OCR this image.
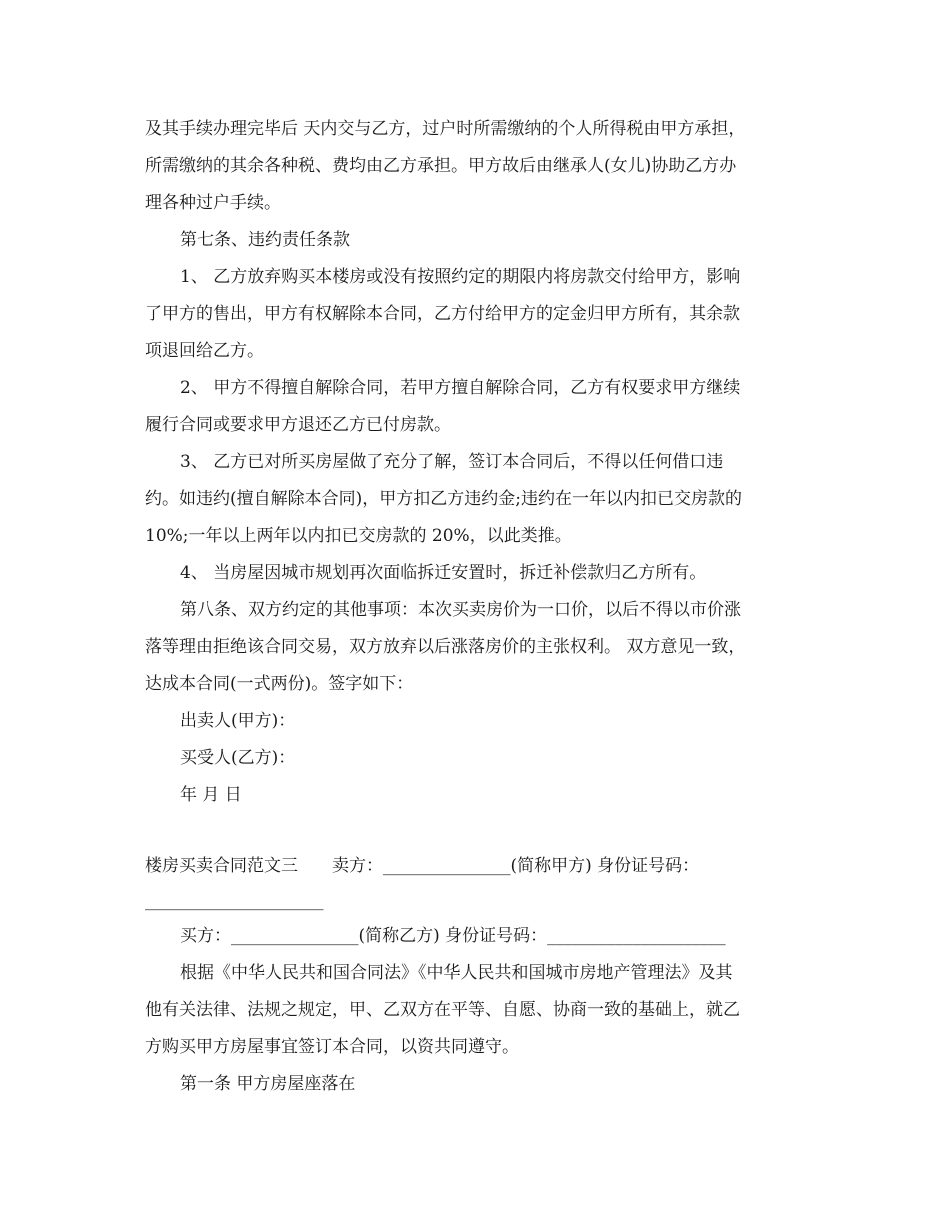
及其手续办理完毕后 天内交与乙方，过户时所需缴纳的个人所得税由甲方承担，
所需缴纳的其余各种税、费均由乙方承担。甲方故后由继承人(女儿)协助乙方办
理各种过户手续。
第七条、违约责任条款
1、 乙方放弃购买本楼房或没有按照约定的期限内将房款交付给甲方，影响
了甲方的售出，甲方有权解除本合同，乙方付给甲方的定金归甲方所有，其余款
项退回给乙方。
2、 甲方不得擅自解除合同，若甲方擅自解除合同，乙方有权要求甲方继续
履行合同或要求甲方退还乙方已付房款。
3、 乙方已对所买房屋做了充分了解，签订本合同后，不得以任何借口违
约。如违约(擅自解除本合同)，甲方扣乙方违约金;违约在一年以内扣已交房款的
10%;一年以上两年以内扣已交房款的 20%，以此类推。
4、 当房屋因城市规划再次面临拆迁安置时，拆迁补偿款归乙方所有。
第八条、双方约定的其他事项：本次买卖房价为一口价，以后不得以市价涨
落等理由拒绝该合同交易，双方放弃以后涨落房价的主张权利。 双方意见一致，
达成本合同(一式两份)。签字如下：
出卖人(甲方)：
买受人(乙方)：
年 月 日
楼房买卖合同范文三　　卖方：_______________(简称甲方) 身份证号码：
_____________________
买方：_______________(简称乙方) 身份证号码：_____________________
根据《中华人民共和国合同法》《中华人民共和国城市房地产管理法》及其
他有关法律、法规之规定，甲、乙双方在平等、自愿、协商一致的基础上，就乙
方购买甲方房屋事宜签订本合同，以资共同遵守。
第一条 甲方房屋座落在
